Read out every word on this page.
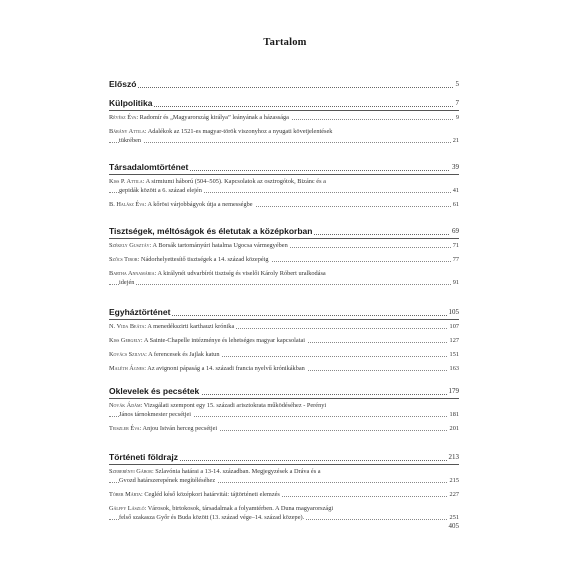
Tartalom
Előszó	5
Külpolitika	7
Révész Éva: Radomír és „Magyarország királya” leányának a házassága	9
Bárány Attila: Adalékok az 1521-es magyar-török viszonyhoz a nyugati követjelentések
tükrében	21
Társadalomtörténet	39
Kiss P. Attila: A sirmiumi háború (504–505). Kapcsolatok az osztrogótok, Bizánc és a
gepidák között a 6. század elején	41
B. Halász Éva: A kőrösi várjobbágyok útja a nemességbe	61
Tisztségek, méltóságok és életutak a középkorban	69
Székely Gusztáv: A Borsák tartományúri hatalma Ugocsa vármegyében	71
Szőcs Tibor: Nádorhelyettesítő tisztségek a 14. század közepéig	77
Bartha Annamária: A királynéi udvarbírói tisztség és viselői Károly Róbert uralkodása
idején	91
Egyháztörténet	105
N. Vida Beáta: A menedékszirti karthauzi krónika	107
Kiss Gergely: A Sainte-Chapelle intézménye és lehetséges magyar kapcsolatai	127
Kovács Szilvia: A ferencesek és Jajlak katun	151
Maléth Ágnes: Az avignoni pápaság a 14. századi francia nyelvű krónikákban	163
Oklevelek és pecsétek	179
Novák Ádám: Vizsgálati szempont egy 15. századi arisztokrata működéséhez - Perényi
János tárnokmester pecsétjei	181
Teiszler Éva: Anjou István herceg pecsétjei	201
Történeti földrajz	213
Szeberényi Gábor: Szlavónia határai a 13-14. században. Megjegyzések a Dráva és a
Gvozd határszerepének megítéléséhez	215
Tóber Márta: Cegléd késő középkori határvitái: tájtörténeti elemzés	227
Gálffy László: Városok, birtokosok, társadalmak a folyamtérben. A Duna magyarországi
felső szakasza Győr és Buda között (13. század vége–14. század közepe).	251
405
